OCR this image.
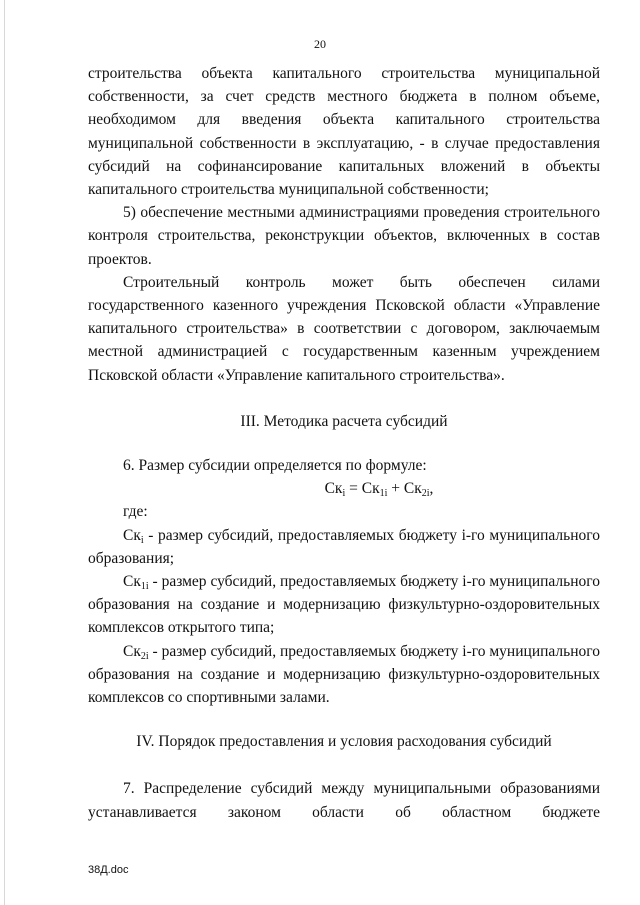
20

строительства объекта капитального строительства муниципальной собственности, за счет средств местного бюджета в полном объеме, необходимом для введения объекта капитального строительства муниципальной собственности в эксплуатацию, - в случае предоставления субсидий на софинансирование капитальных вложений в объекты капитального строительства муниципальной собственности;

5) обеспечение местными администрациями проведения строительного контроля строительства, реконструкции объектов, включенных в состав проектов.

Строительный контроль может быть обеспечен силами государственного казенного учреждения Псковской области «Управление капитального строительства» в соответствии с договором, заключаемым местной администрацией с государственным казенным учреждением Псковской области «Управление капитального строительства».

III. Методика расчета субсидий

6. Размер субсидии определяется по формуле:

$Ск_i = Ск_{1i} + Ск_{2i}$,

где:

$Ск_i$ - размер субсидий, предоставляемых бюджету i-го муниципального образования;

$Ск_{1i}$ - размер субсидий, предоставляемых бюджету i-го муниципального образования на создание и модернизацию физкультурно-оздоровительных комплексов открытого типа;

$Ск_{2i}$ - размер субсидий, предоставляемых бюджету i-го муниципального образования на создание и модернизацию физкультурно-оздоровительных комплексов со спортивными залами.

IV. Порядок предоставления и условия расходования субсидий

7. Распределение субсидий между муниципальными образованиями устанавливается законом области об областном бюджете

38Д.doc
